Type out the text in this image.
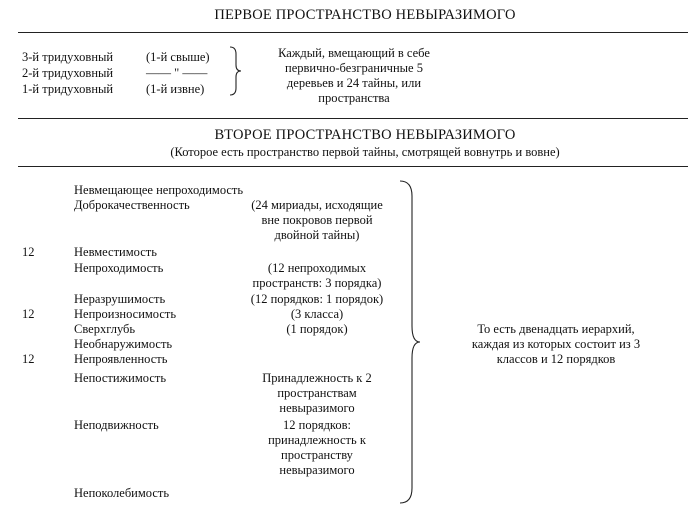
ПЕРВОЕ ПРОСТРАНСТВО НЕВЫРАЗИМОГО
3-й тридуховный	(1-й свыше)
2-й тридуховный	—— " ——
1-й тридуховный	(1-й извне)
Каждый, вмещающий в себе
первично-безграничные 5
деревьев и 24 тайны, или
пространства
ВТОРОЕ ПРОСТРАНСТВО НЕВЫРАЗИМОГО
(Которое есть пространство первой тайны, смотрящей вовнутрь и вовне)
12
12
12
Невмещающее непроходимость
Доброкачественность
Невместимость
Непроходимость
Неразрушимость
Непроизносимость
Сверхглубь
Необнаружимость
Непроявленность
Непостижимость
Неподвижность
Непоколебимость
(24 мириады, исходящие
вне покровов первой
двойной тайны)
(12 непроходимых
пространств: 3 порядка)
(12 порядков: 1 порядок)
(3 класса)
(1 порядок)
Принадлежность к 2
пространствам
невыразимого
12 порядков:
принадлежность к
пространству
невыразимого
То есть двенадцать иерархий,
каждая из которых состоит из 3
классов и 12 порядков
